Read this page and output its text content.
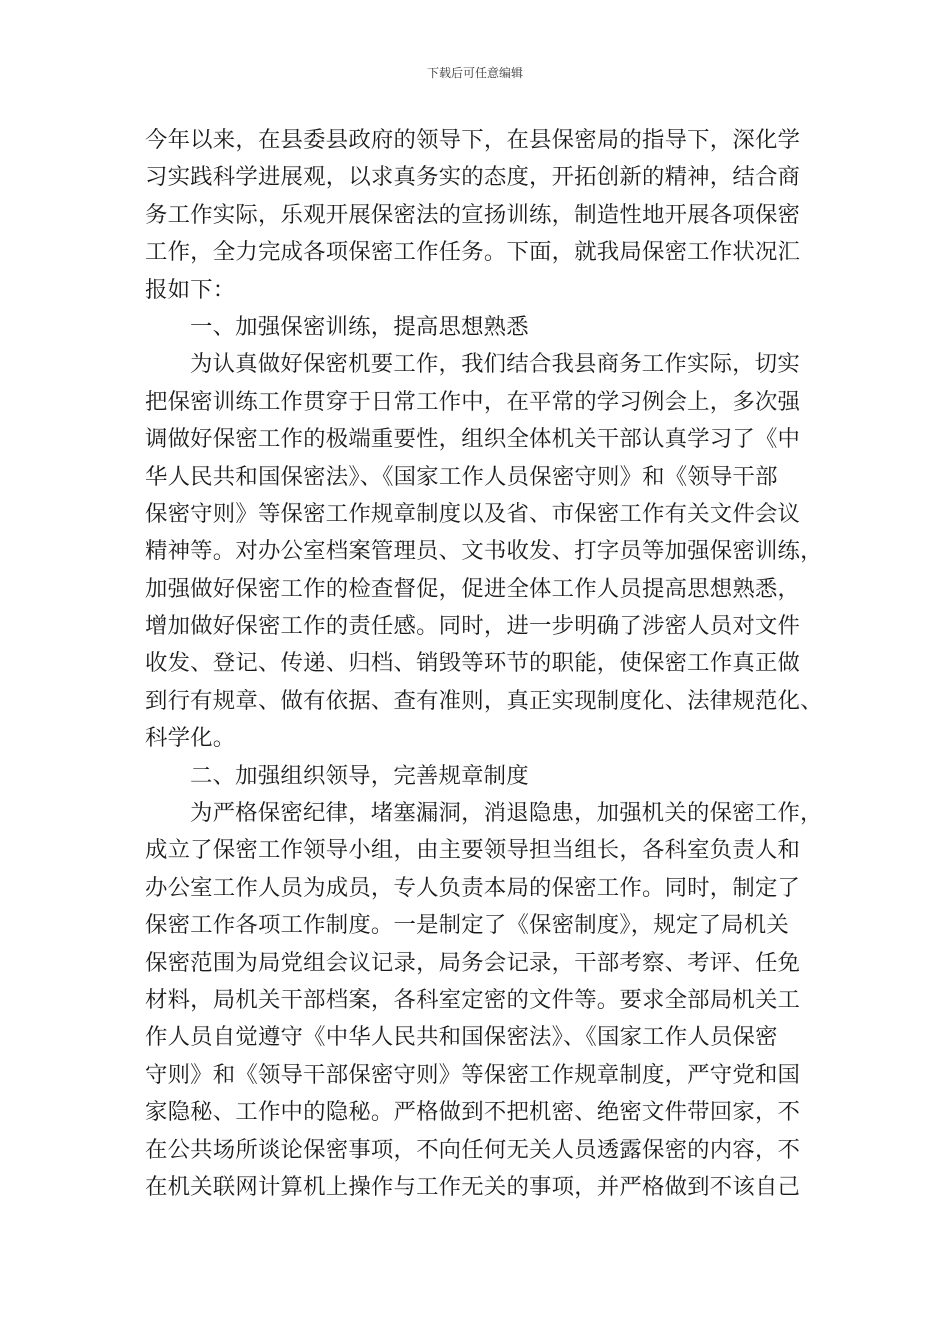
下载后可任意编辑
今年以来，在县委县政府的领导下，在县保密局的指导下，深化学
习实践科学进展观，以求真务实的态度，开拓创新的精神，结合商
务工作实际，乐观开展保密法的宣扬训练，制造性地开展各项保密
工作，全力完成各项保密工作任务。下面，就我局保密工作状况汇
报如下：
一、加强保密训练，提高思想熟悉
为认真做好保密机要工作，我们结合我县商务工作实际，切实
把保密训练工作贯穿于日常工作中，在平常的学习例会上，多次强
调做好保密工作的极端重要性，组织全体机关干部认真学习了《中
华人民共和国保密法》、《国家工作人员保密守则》和《领导干部
保密守则》等保密工作规章制度以及省、市保密工作有关文件会议
精神等。对办公室档案管理员、文书收发、打字员等加强保密训练，
加强做好保密工作的检查督促，促进全体工作人员提高思想熟悉，
增加做好保密工作的责任感。同时，进一步明确了涉密人员对文件
收发、登记、传递、归档、销毁等环节的职能，使保密工作真正做
到行有规章、做有依据、查有准则，真正实现制度化、法律规范化、
科学化。
二、加强组织领导，完善规章制度
为严格保密纪律，堵塞漏洞，消退隐患，加强机关的保密工作，
成立了保密工作领导小组，由主要领导担当组长，各科室负责人和
办公室工作人员为成员，专人负责本局的保密工作。同时，制定了
保密工作各项工作制度。一是制定了《保密制度》，规定了局机关
保密范围为局党组会议记录，局务会记录，干部考察、考评、任免
材料，局机关干部档案，各科室定密的文件等。要求全部局机关工
作人员自觉遵守《中华人民共和国保密法》、《国家工作人员保密
守则》和《领导干部保密守则》等保密工作规章制度，严守党和国
家隐秘、工作中的隐秘。严格做到不把机密、绝密文件带回家，不
在公共场所谈论保密事项，不向任何无关人员透露保密的内容，不
在机关联网计算机上操作与工作无关的事项，并严格做到不该自己
